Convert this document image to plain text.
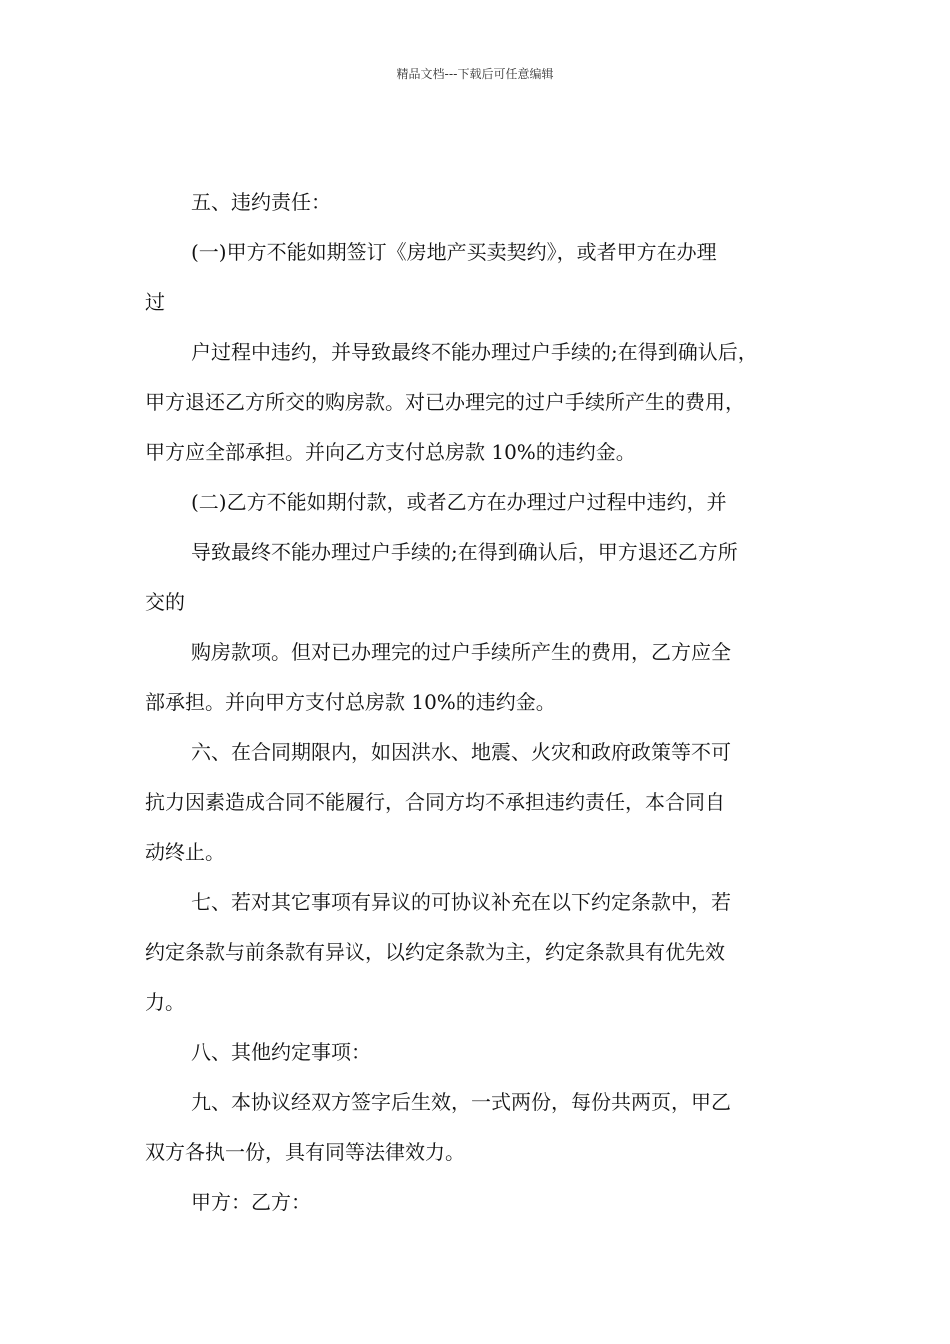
精品文档---下载后可任意编辑
五、违约责任：
(一)甲方不能如期签订《房地产买卖契约》，或者甲方在办理
过
户过程中违约，并导致最终不能办理过户手续的;在得到确认后，
甲方退还乙方所交的购房款。对已办理完的过户手续所产生的费用，
甲方应全部承担。并向乙方支付总房款 10%的违约金。
(二)乙方不能如期付款，或者乙方在办理过户过程中违约，并
导致最终不能办理过户手续的;在得到确认后，甲方退还乙方所
交的
购房款项。但对已办理完的过户手续所产生的费用，乙方应全
部承担。并向甲方支付总房款 10%的违约金。
六、在合同期限内，如因洪水、地震、火灾和政府政策等不可
抗力因素造成合同不能履行，合同方均不承担违约责任，本合同自
动终止。
七、若对其它事项有异议的可协议补充在以下约定条款中，若
约定条款与前条款有异议，以约定条款为主，约定条款具有优先效
力。
八、其他约定事项：
九、本协议经双方签字后生效，一式两份，每份共两页，甲乙
双方各执一份，具有同等法律效力。
甲方：乙方：
